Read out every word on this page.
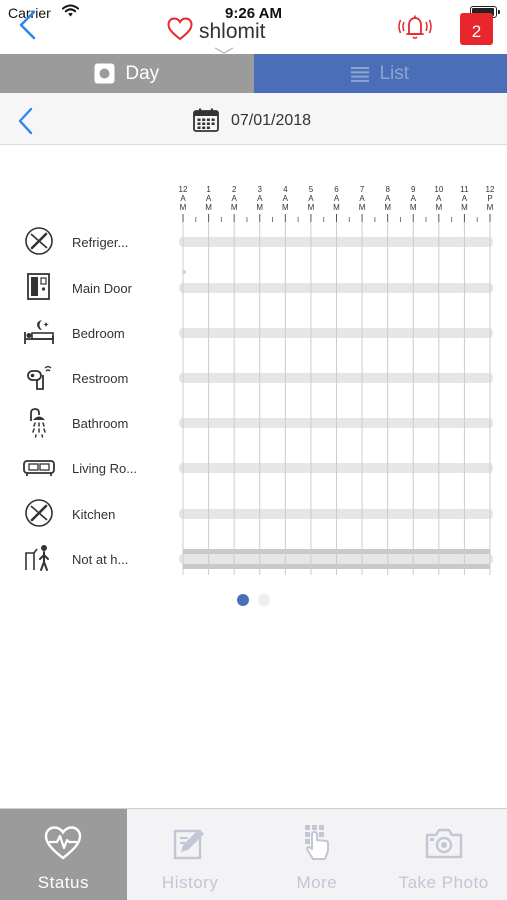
Carrier	9:26 AM
shlomit	2
Day	List
07/01/2018
12
A
M
1
A
M
2
A
M
3
A
M
4
A
M
5
A
M
6
A
M
7
A
M
8
A
M
9
A
M
10
A
M
11
A
M
12
P
M
Refriger...
Main Door
Bedroom
Restroom
Bathroom
Living Ro...
Kitchen
Not at h...
Status	History	More	Take Photo
